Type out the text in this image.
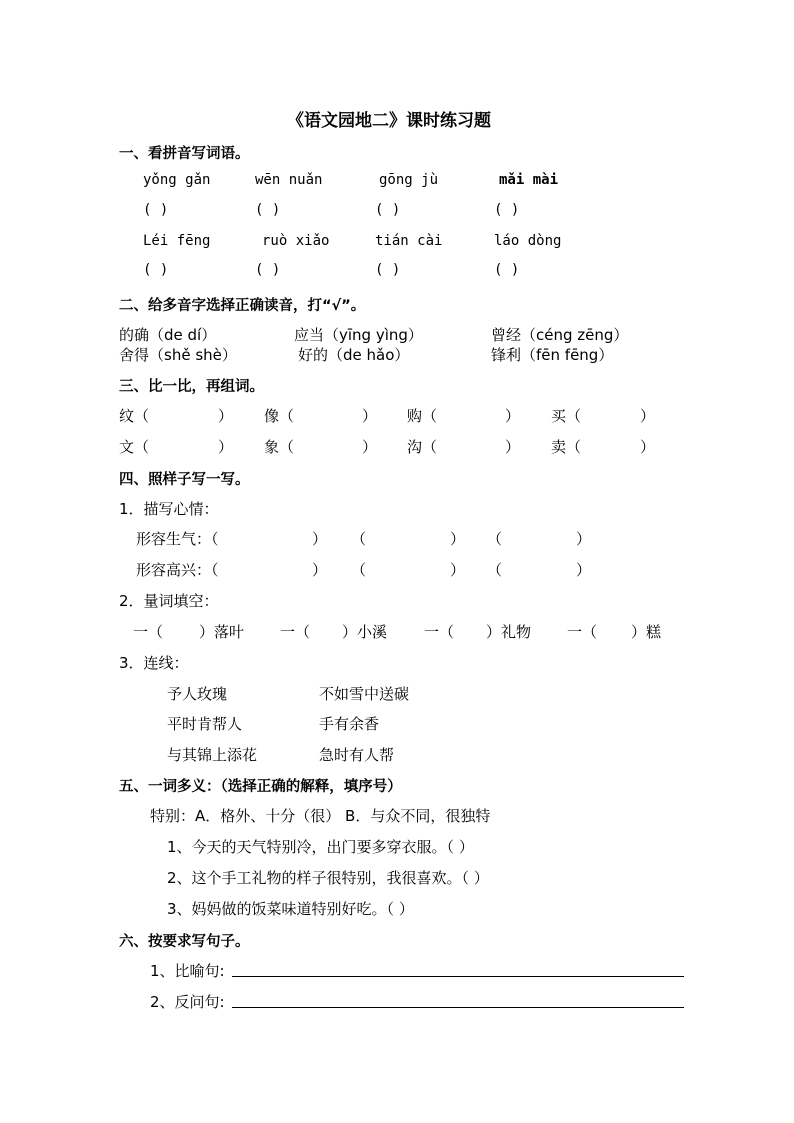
《语文园地二》课时练习题
一、看拼音写词语。
yǒng gǎn	wēn nuǎn	gōng jù	mǎi mài
( )	( )	( )	( )
Léi fēng	ruò xiǎo	tián cài	láo dòng
( )	( )	( )	( )
二、给多音字选择正确读音，打“√”。
的确（de dí）	应当（yīng yìng）	曾经（céng zēng）
舍得（shě shè）	好的（de hǎo）	锋利（fēn fēng）
三、比一比，再组词。
纹（	） 像（	） 购（	） 买（	）
文（	） 象（	） 沟（	） 卖（	）
四、照样子写一写。
1．描写心情：
形容生气：（	） （	） （	）
形容高兴：（	） （	） （	）
2．量词填空：
一（ ）落叶 一（ ）小溪 一（ ）礼物 一（ ）糕
3．连线：
予人玫瑰	不如雪中送碳
平时肯帮人	手有余香
与其锦上添花	急时有人帮
五、一词多义：（选择正确的解释，填序号）
特别：A．格外、十分（很） B．与众不同，很独特
1、今天的天气特别冷，出门要多穿衣服。（ ）
2、这个手工礼物的样子很特别，我很喜欢。（ ）
3、妈妈做的饭菜味道特别好吃。（ ）
六、按要求写句子。
1、比喻句:
2、反问句:
